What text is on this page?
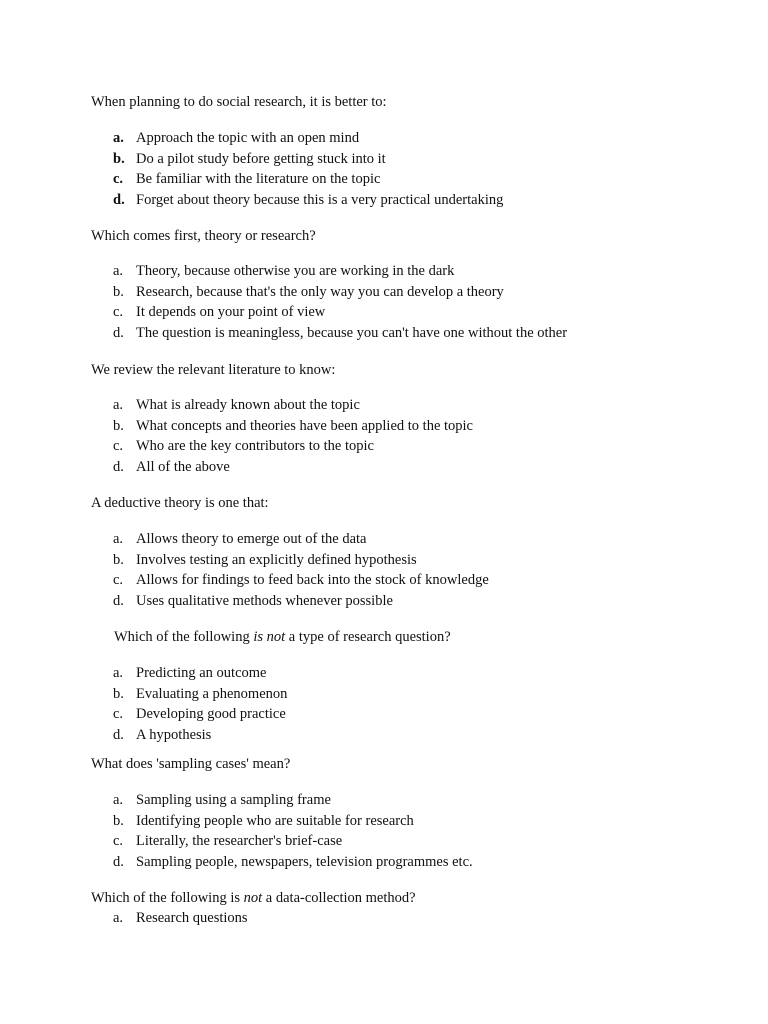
When planning to do social research, it is better to:
a. Approach the topic with an open mind
b. Do a pilot study before getting stuck into it
c. Be familiar with the literature on the topic
d. Forget about theory because this is a very practical undertaking
Which comes first, theory or research?
a. Theory, because otherwise you are working in the dark
b. Research, because that's the only way you can develop a theory
c. It depends on your point of view
d. The question is meaningless, because you can't have one without the other
We review the relevant literature to know:
a. What is already known about the topic
b. What concepts and theories have been applied to the topic
c. Who are the key contributors to the topic
d. All of the above
A deductive theory is one that:
a. Allows theory to emerge out of the data
b. Involves testing an explicitly defined hypothesis
c. Allows for findings to feed back into the stock of knowledge
d. Uses qualitative methods whenever possible
Which of the following is not a type of research question?
a. Predicting an outcome
b. Evaluating a phenomenon
c. Developing good practice
d. A hypothesis
What does 'sampling cases' mean?
a. Sampling using a sampling frame
b. Identifying people who are suitable for research
c. Literally, the researcher's brief-case
d. Sampling people, newspapers, television programmes etc.
Which of the following is not a data-collection method?
a. Research questions
